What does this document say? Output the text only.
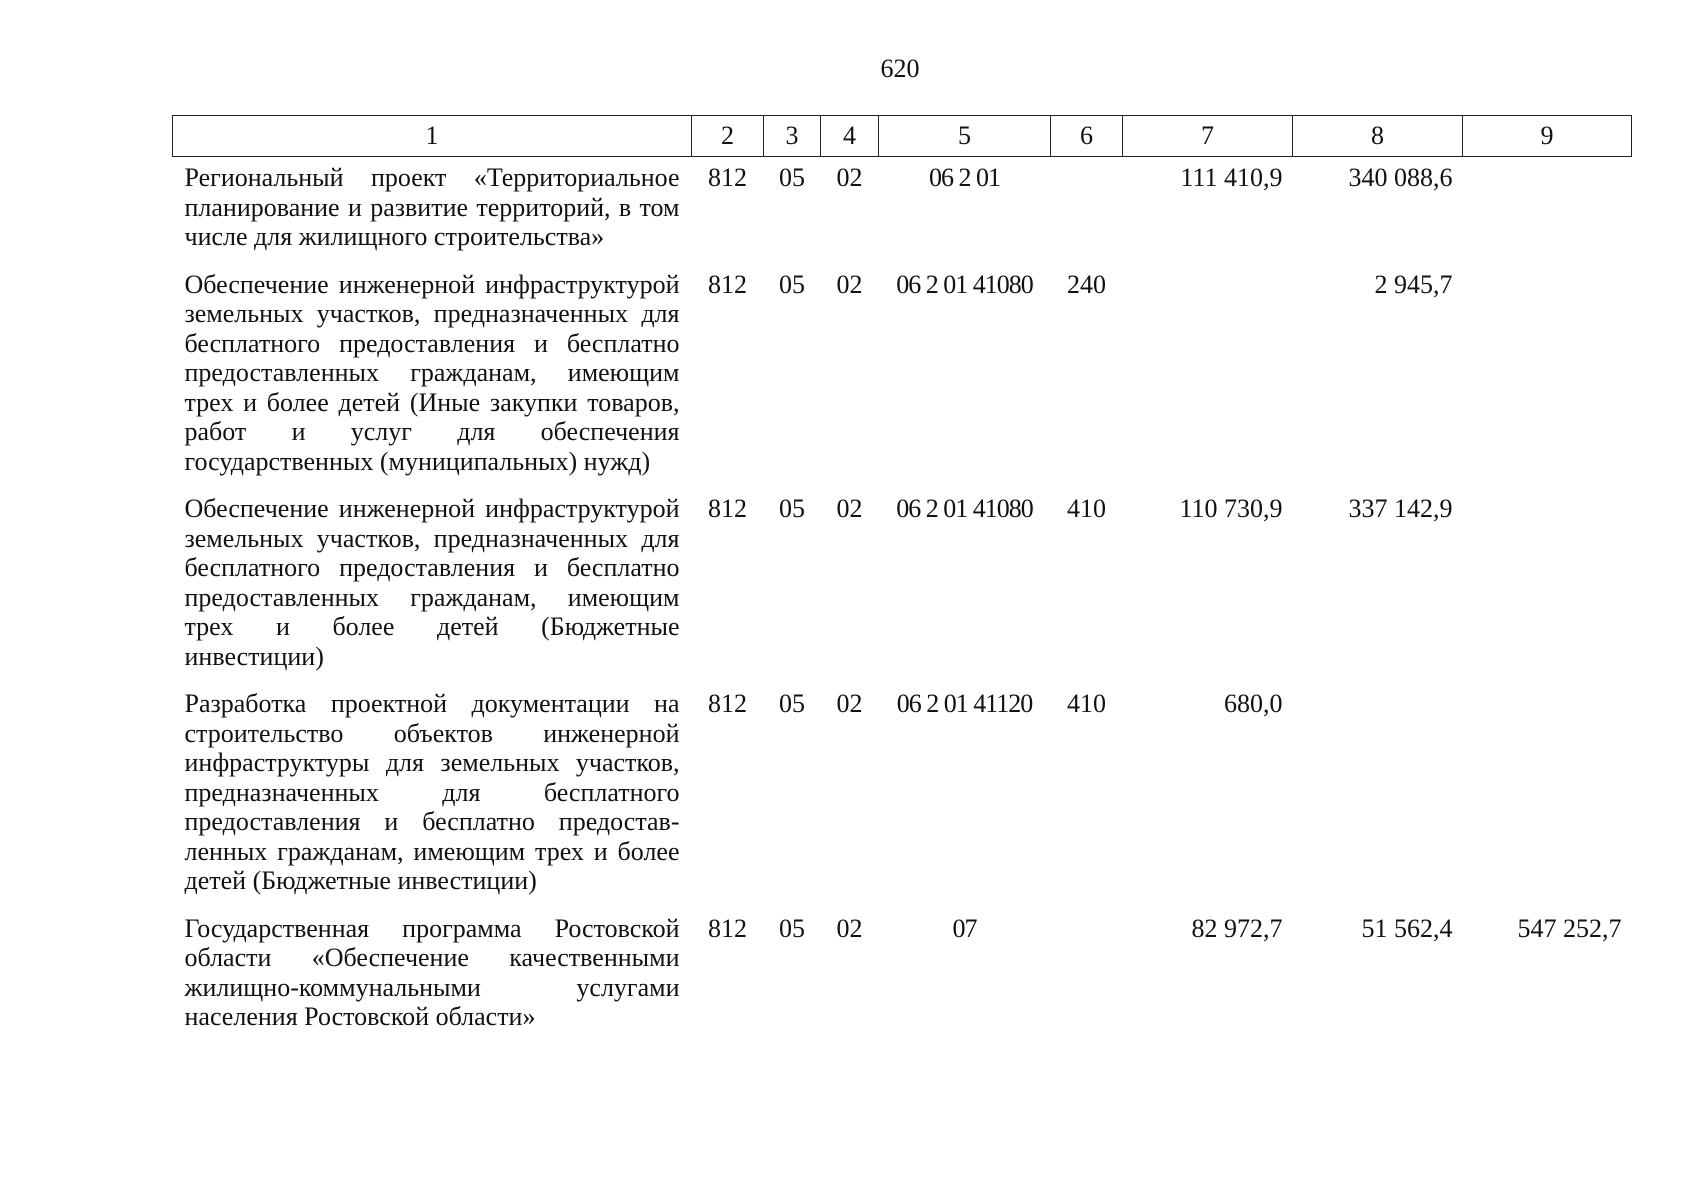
620
1	2	3	4	5	6	7	8	9
Региональный проект «Территориальное планирование и развитие территорий, в том числе для жилищного строительства»	812	05	02	06 2 01		111 410,9	340 088,6	
Обеспечение инженерной инфраструктурой земельных участков, предназначенных для бесплатного предоставления и бесплатно предоставленных гражданам, имеющим трех и более детей (Иные закупки товаров, работ и услуг для обеспечения государственных (муниципальных) нужд)	812	05	02	06 2 01 41080	240		2 945,7	
Обеспечение инженерной инфраструктурой земельных участков, предназначенных для бесплатного предоставления и бесплатно предоставленных гражданам, имеющим трех и более детей (Бюджетные инвестиции)	812	05	02	06 2 01 41080	410	110 730,9	337 142,9	
Разработка проектной документации на строительство объектов инженерной инфраструктуры для земельных участков, предназначенных для бесплатного предоставления и бесплатно предоставленных гражданам, имеющим трех и более детей (Бюджетные инвестиции)	812	05	02	06 2 01 41120	410	680,0		
Государственная программа Ростовской области «Обеспечение качественными жилищно-коммунальными услугами населения Ростовской области»	812	05	02	07		82 972,7	51 562,4	547 252,7
